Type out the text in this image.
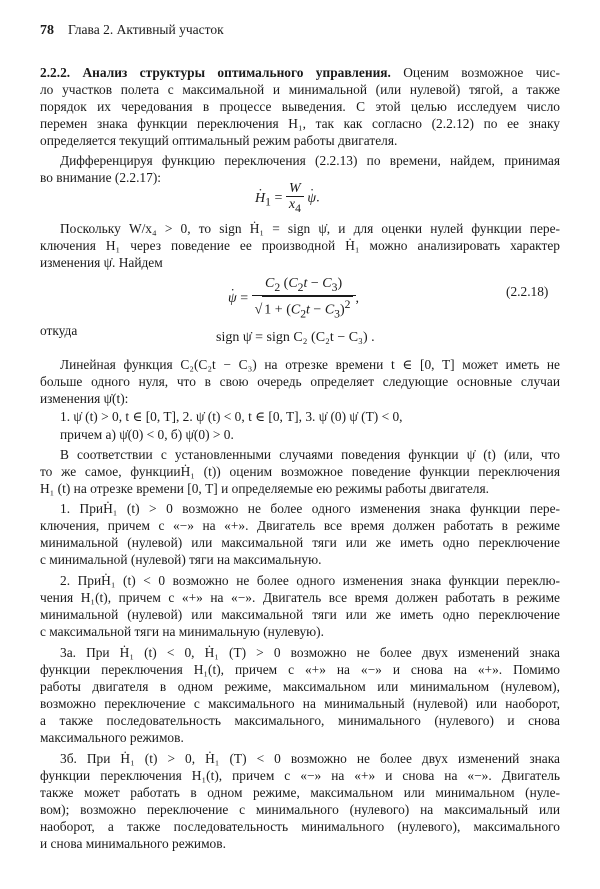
78 Глава 2. Активный участок
2.2.2. Анализ структуры оптимального управления. Оценим возможное чис-
ло участков полета с максимальной и минимальной (или нулевой) тягой, а также
порядок их чередования в процессе выведения. С этой целью исследуем число
перемен знака функции переключения H₁, так как согласно (2.2.12) по ее знаку
определяется текущий оптимальный режим работы двигателя.
Дифференцируя функцию переключения (2.2.13) по времени, найдем, принимая
во внимание (2.2.17):
· $H_1 = \frac{W}{x_4}$
· ψ.
Поскольку W/x₄ > 0, то sign Ḣ₁ = sign ψ̇, и для оценки нулей функции пере-
ключения H₁ через поведение ее производной Ḣ₁ можно анализировать характер
изменения ψ̇. Найдем
· $\psi = \frac{C_2 (C_2t - C_3)}{√ 1 + (C_2t - C_3)^2}$ ,	(2.2.18)
откуда	sign ψ̇ = sign C₂ (C₂t − C₃) .
Линейная функция C₂(C₂t − C₃) на отрезке времени t ∈ [0, T] может иметь не
больше одного нуля, что в свою очередь определяет следующие основные случаи
изменения ψ̇(t):
1. ψ̇ (t) > 0, t ∈ [0, T], 2. ψ̇ (t) < 0, t ∈ [0, T], 3. ψ̇ (0) ψ̇ (T) < 0,
причем а) ψ̇(0) < 0, б) ψ̇(0) > 0.
В соответствии с установленными случаями поведения функции ψ̇ (t) (или, что
то же самое, функцииḢ₁ (t)) оценим возможное поведение функции переключения
H₁ (t) на отрезке времени [0, T] и определяемые ею режимы работы двигателя.
1. ПриḢ₁ (t) > 0 возможно не более одного изменения знака функции пере-
ключения, причем с «−» на «+». Двигатель все время должен работать в режиме
минимальной (нулевой) или максимальной тяги или же иметь одно переключение
с минимальной (нулевой) тяги на максимальную.
2. ПриḢ₁ (t) < 0 возможно не более одного изменения знака функции переклю-
чения H₁(t), причем с «+» на «−». Двигатель все время должен работать в режиме
минимальной (нулевой) или максимальной тяги или же иметь одно переключение
с максимальной тяги на минимальную (нулевую).
3а. При Ḣ₁ (t) < 0, Ḣ₁ (T) > 0 возможно не более двух изменений знака
функции переключения H₁(t), причем с «+» на «−» и снова на «+». Помимо
работы двигателя в одном режиме, максимальном или минимальном (нулевом),
возможно переключение с максимального на минимальный (нулевой) или наоборот,
а также последовательность максимального, минимального (нулевого) и снова
максимального режимов.
3б. При Ḣ₁ (t) > 0, Ḣ₁ (T) < 0 возможно не более двух изменений знака
функции переключения H₁(t), причем с «−» на «+» и снова на «−». Двигатель
также может работать в одном режиме, максимальном или минимальном (нуле-
вом); возможно переключение с минимального (нулевого) на максимальный или
наоборот, а также последовательность минимального (нулевого), максимального
и снова минимального режимов.
